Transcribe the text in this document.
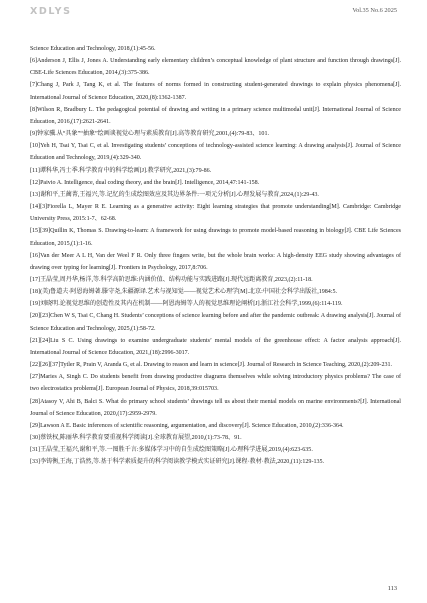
XDLYS	Vol.35 No.6 2025

Science Education and Technology, 2018,(1):45-56.

[6]Anderson J, Ellis J, Jones A. Understanding early elementary children’s conceptual knowledge of plant structure and function through drawings[J]. CBE-Life Sciences Education, 2014,(3):375-386.

[7]Chang J, Park J, Tang K, et al. The features of norms formed in constructing student-generated drawings to explain physics phenomena[J]. International Journal of Science Education, 2020,(8):1362-1387.

[8]Wilson R, Bradbury L. The pedagogical potential of drawing and writing in a primary science multimodal unit[J]. International Journal of Science Education, 2016,(17):2621-2641.

[9]钟家骥.从“具象”“抽象”绘画谈视觉心理与素质教育[J].高等教育研究,2001,(4):79-83、101.

[10]Yeh H, Tsai Y, Tsai C, et al. Investigating students’ conceptions of technology-assisted science learning: A drawing analysis[J]. Journal of Science Education and Technology, 2019,(4):329-340.

[11]谭科华,冯士季.科学教育中的科学绘画[J].教学研究,2021,(3):79-86.

[12]Paivio A. Intelligence, dual coding theory, and the brain[J]. Intelligence, 2014,47:141-158.

[13]谢和平,王蔺菁,王福兴,等.记忆的生成绘图效应及其边界条件:一项元分析[J].心理发展与教育,2024,(1):29-43.

[14][3]Fiorella L, Mayer R E. Learning as a generative activity: Eight learning strategies that promote understanding[M]. Cambridge: Cambridge University Press, 2015:1-7、62-68.

[15][39]Quillin K, Thomas S. Drawing-to-learn: A framework for using drawings to promote model-based reasoning in biology[J]. CBE Life Sciences Education, 2015,(1):1-16.

[16]Van der Meer A L H, Van der Weel F R. Only three fingers write, but the whole brain works: A high-density EEG study showing advantages of drawing over typing for learning[J]. Frontiers in Psychology, 2017,8:706.

[17]王晶莹,周丹华,杨洋,等.科学高阶思维:内涵价值、结构功能与实践进路[J].现代远距离教育,2023,(2):11-18.

[18](美)鲁道夫·阿恩海姆著.滕守尧,朱疆源译.艺术与视知觉——视觉艺术心理学[M].北京:中国社会科学出版社,1984:5.

[19]刘晓明.论视觉思维的创造性及其内在机制——阿恩海姆等人的视觉思维理论阐析[J].浙江社会科学,1999,(6):114-119.

[20][23]Chen W S, Tsai C, Chang H. Students’ conceptions of science learning before and after the pandemic outbreak: A drawing analysis[J]. Journal of Science Education and Technology, 2025,(1):58-72.

[21][24]Liu S C. Using drawings to examine undergraduate students’ mental models of the greenhouse effect: A factor analysis approach[J]. International Journal of Science Education, 2021,(18):2996-3017.

[22][26][37]Tytler R, Prain V, Aranda G, et al. Drawing to reason and learn in science[J]. Journal of Research in Science Teaching, 2020,(2):209-231.

[27]Maries A, Singh C. Do students benefit from drawing productive diagrams themselves while solving introductory physics problems? The case of two electrostatics problems[J]. European Journal of Physics, 2018,39:015703.

[28]Atasoy V, Ahi B, Balci S. What do primary school students’ drawings tell us about their mental models on marine environments?[J]. International Journal of Science Education, 2020,(17):2959-2979.

[29]Lawson A E. Basic inferences of scientific reasoning, argumentation, and discovery[J]. Science Education, 2010,(2):336-364.

[30]蔡铁权,陈丽华.科学教育要重视科学阅读[J].全球教育展望,2010,(1):73-78、91.

[31]王晶莹,王福兴,谢和平,等.一图胜千言:多媒体学习中的自生成绘图策略[J].心理科学进展,2019,(4):623-635.

[33]李铸衡,王海,丁浩然,等.基于科学素质提升的科学阅读教学模式实证研究[J].课程·教材·教法,2020,(11):129-135.

113
